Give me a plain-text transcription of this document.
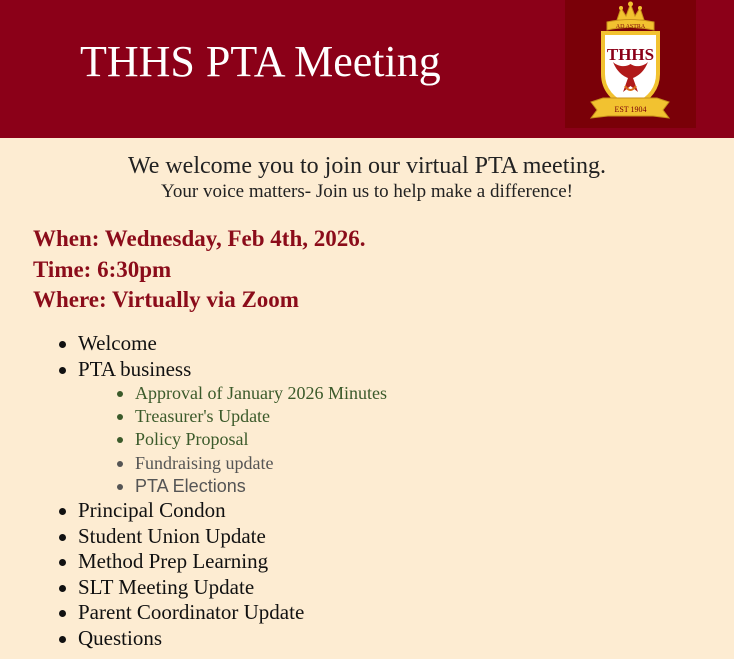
THHS PTA Meeting
AD ASTRA
THHS
EST 1904
We welcome you to join our virtual PTA meeting.
Your voice matters- Join us to help make a difference!
When: Wednesday, Feb 4th, 2026.
Time: 6:30pm
Where: Virtually via Zoom
Welcome
PTA business
Approval of January 2026 Minutes
Treasurer's Update
Policy Proposal
Fundraising update
PTA Elections
Principal Condon
Student Union Update
Method Prep Learning
SLT Meeting Update
Parent Coordinator Update
Questions
